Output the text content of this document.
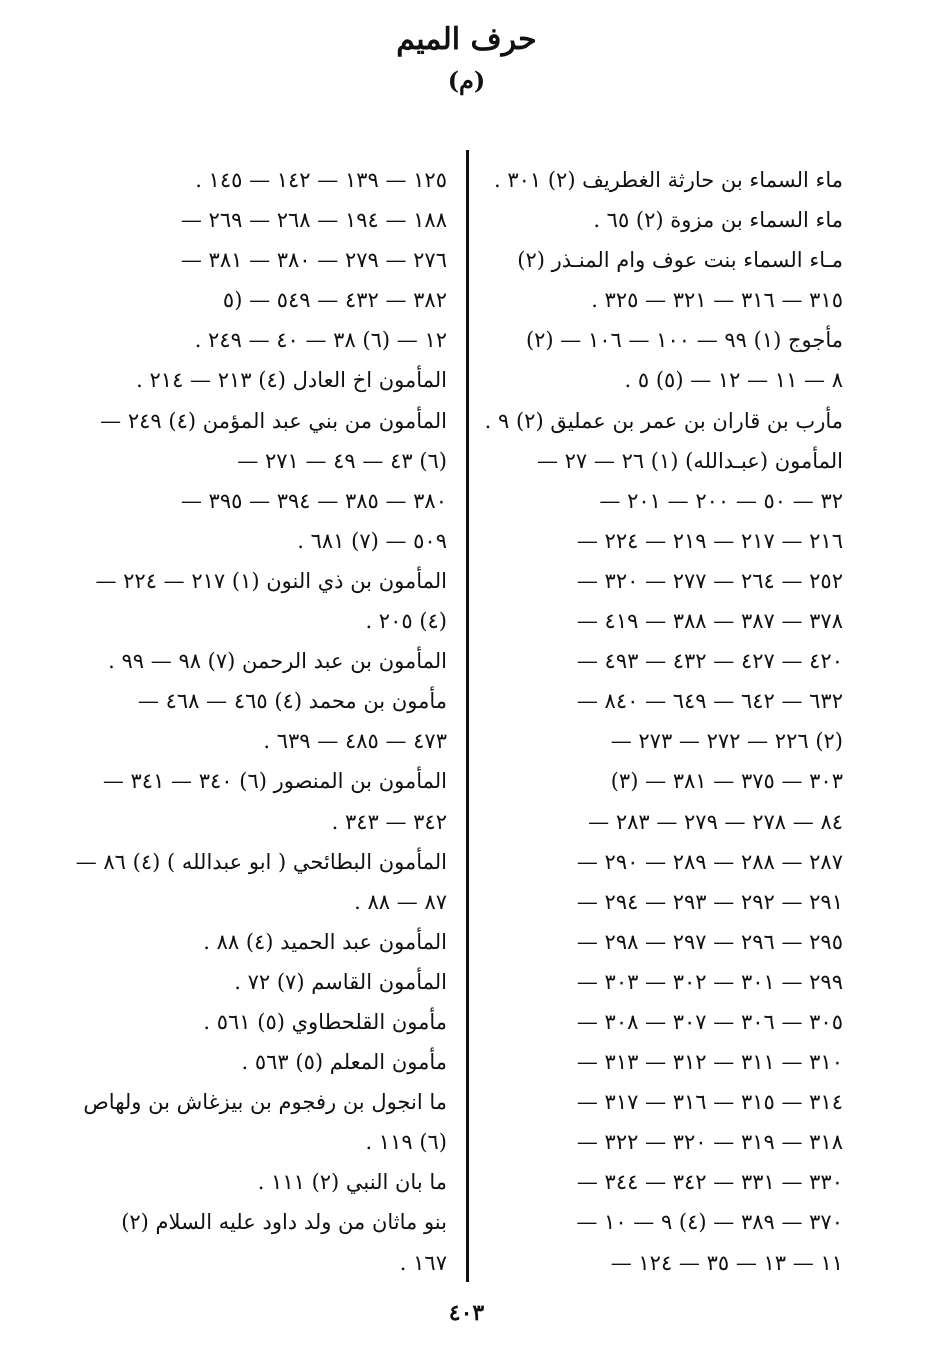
حرف الميم
(م)
ماء السماء بن حارثة الغطريف (٢) ٣٠١ .
ماء السماء بن مزوة (٢) ٦٥ .
مـاء السماء بنت عوف وام المنـذر (٢)
٣١٥ — ٣١٦ — ٣٢١ — ٣٢٥ .
مأجوج (١) ٩٩ — ١٠٠ — ١٠٦ — (٢)
٨ — ١١ — ١٢ — (٥) ٥ .
مأرب بن قاران بن عمر بن عمليق (٢) ٩ .
المأمون (عبـدالله) (١) ٢٦ — ٢٧ —
٣٢ — ٥٠ — ٢٠٠ — ٢٠١ —
٢١٦ — ٢١٧ — ٢١٩ — ٢٢٤ —
٢٥٢ — ٢٦٤ — ٢٧٧ — ٣٢٠ —
٣٧٨ — ٣٨٧ — ٣٨٨ — ٤١٩ —
٤٢٠ — ٤٢٧ — ٤٣٢ — ٤٩٣ —
٦٣٢ — ٦٤٢ — ٦٤٩ — ٨٤٠ —
(٢) ٢٢٦ — ٢٧٢ — ٢٧٣ —
٣٠٣ — ٣٧٥ — ٣٨١ — (٣)
٨٤ — ٢٧٨ — ٢٧٩ — ٢٨٣ —
٢٨٧ — ٢٨٨ — ٢٨٩ — ٢٩٠ —
٢٩١ — ٢٩٢ — ٢٩٣ — ٢٩٤ —
٢٩٥ — ٢٩٦ — ٢٩٧ — ٢٩٨ —
٢٩٩ — ٣٠١ — ٣٠٢ — ٣٠٣ —
٣٠٥ — ٣٠٦ — ٣٠٧ — ٣٠٨ —
٣١٠ — ٣١١ — ٣١٢ — ٣١٣ —
٣١٤ — ٣١٥ — ٣١٦ — ٣١٧ —
٣١٨ — ٣١٩ — ٣٢٠ — ٣٢٢ —
٣٣٠ — ٣٣١ — ٣٤٢ — ٣٤٤ —
٣٧٠ — ٣٨٩ — (٤) ٩ — ١٠ —
١١ — ١٣ — ٣٥ — ١٢٤ —
١٢٥ — ١٣٩ — ١٤٢ — ١٤٥ .
١٨٨ — ١٩٤ — ٢٦٨ — ٢٦٩ —
٢٧٦ — ٢٧٩ — ٣٨٠ — ٣٨١ —
٣٨٢ — ٤٣٢ — ٥٤٩ — (٥
١٢ — (٦) ٣٨ — ٤٠ — ٢٤٩ .
المأمون اخ العادل (٤) ٢١٣ — ٢١٤ .
المأمون من بني عبد المؤمن (٤) ٢٤٩ —
(٦) ٤٣ — ٤٩ — ٢٧١ —
٣٨٠ — ٣٨٥ — ٣٩٤ — ٣٩٥ —
٥٠٩ — (٧) ٦٨١ .
المأمون بن ذي النون (١) ٢١٧ — ٢٢٤ —
(٤) ٢٠٥ .
المأمون بن عبد الرحمن (٧) ٩٨ — ٩٩ .
مأمون بن محمد (٤) ٤٦٥ — ٤٦٨ —
٤٧٣ — ٤٨٥ — ٦٣٩ .
المأمون بن المنصور (٦) ٣٤٠ — ٣٤١ —
٣٤٢ — ٣٤٣ .
المأمون البطائحي ( ابو عبدالله ) (٤) ٨٦ —
٨٧ — ٨٨ .
المأمون عبد الحميد (٤) ٨٨ .
المأمون القاسم (٧) ٧٢ .
مأمون القلحطاوي (٥) ٥٦١ .
مأمون المعلم (٥) ٥٦٣ .
ما انجول بن رفجوم بن بيزغاش بن ولهاص
(٦) ١١٩ .
ما بان النبي (٢) ١١١ .
بنو ماثان من ولد داود عليه السلام (٢)
١٦٧ .
٤٠٣
